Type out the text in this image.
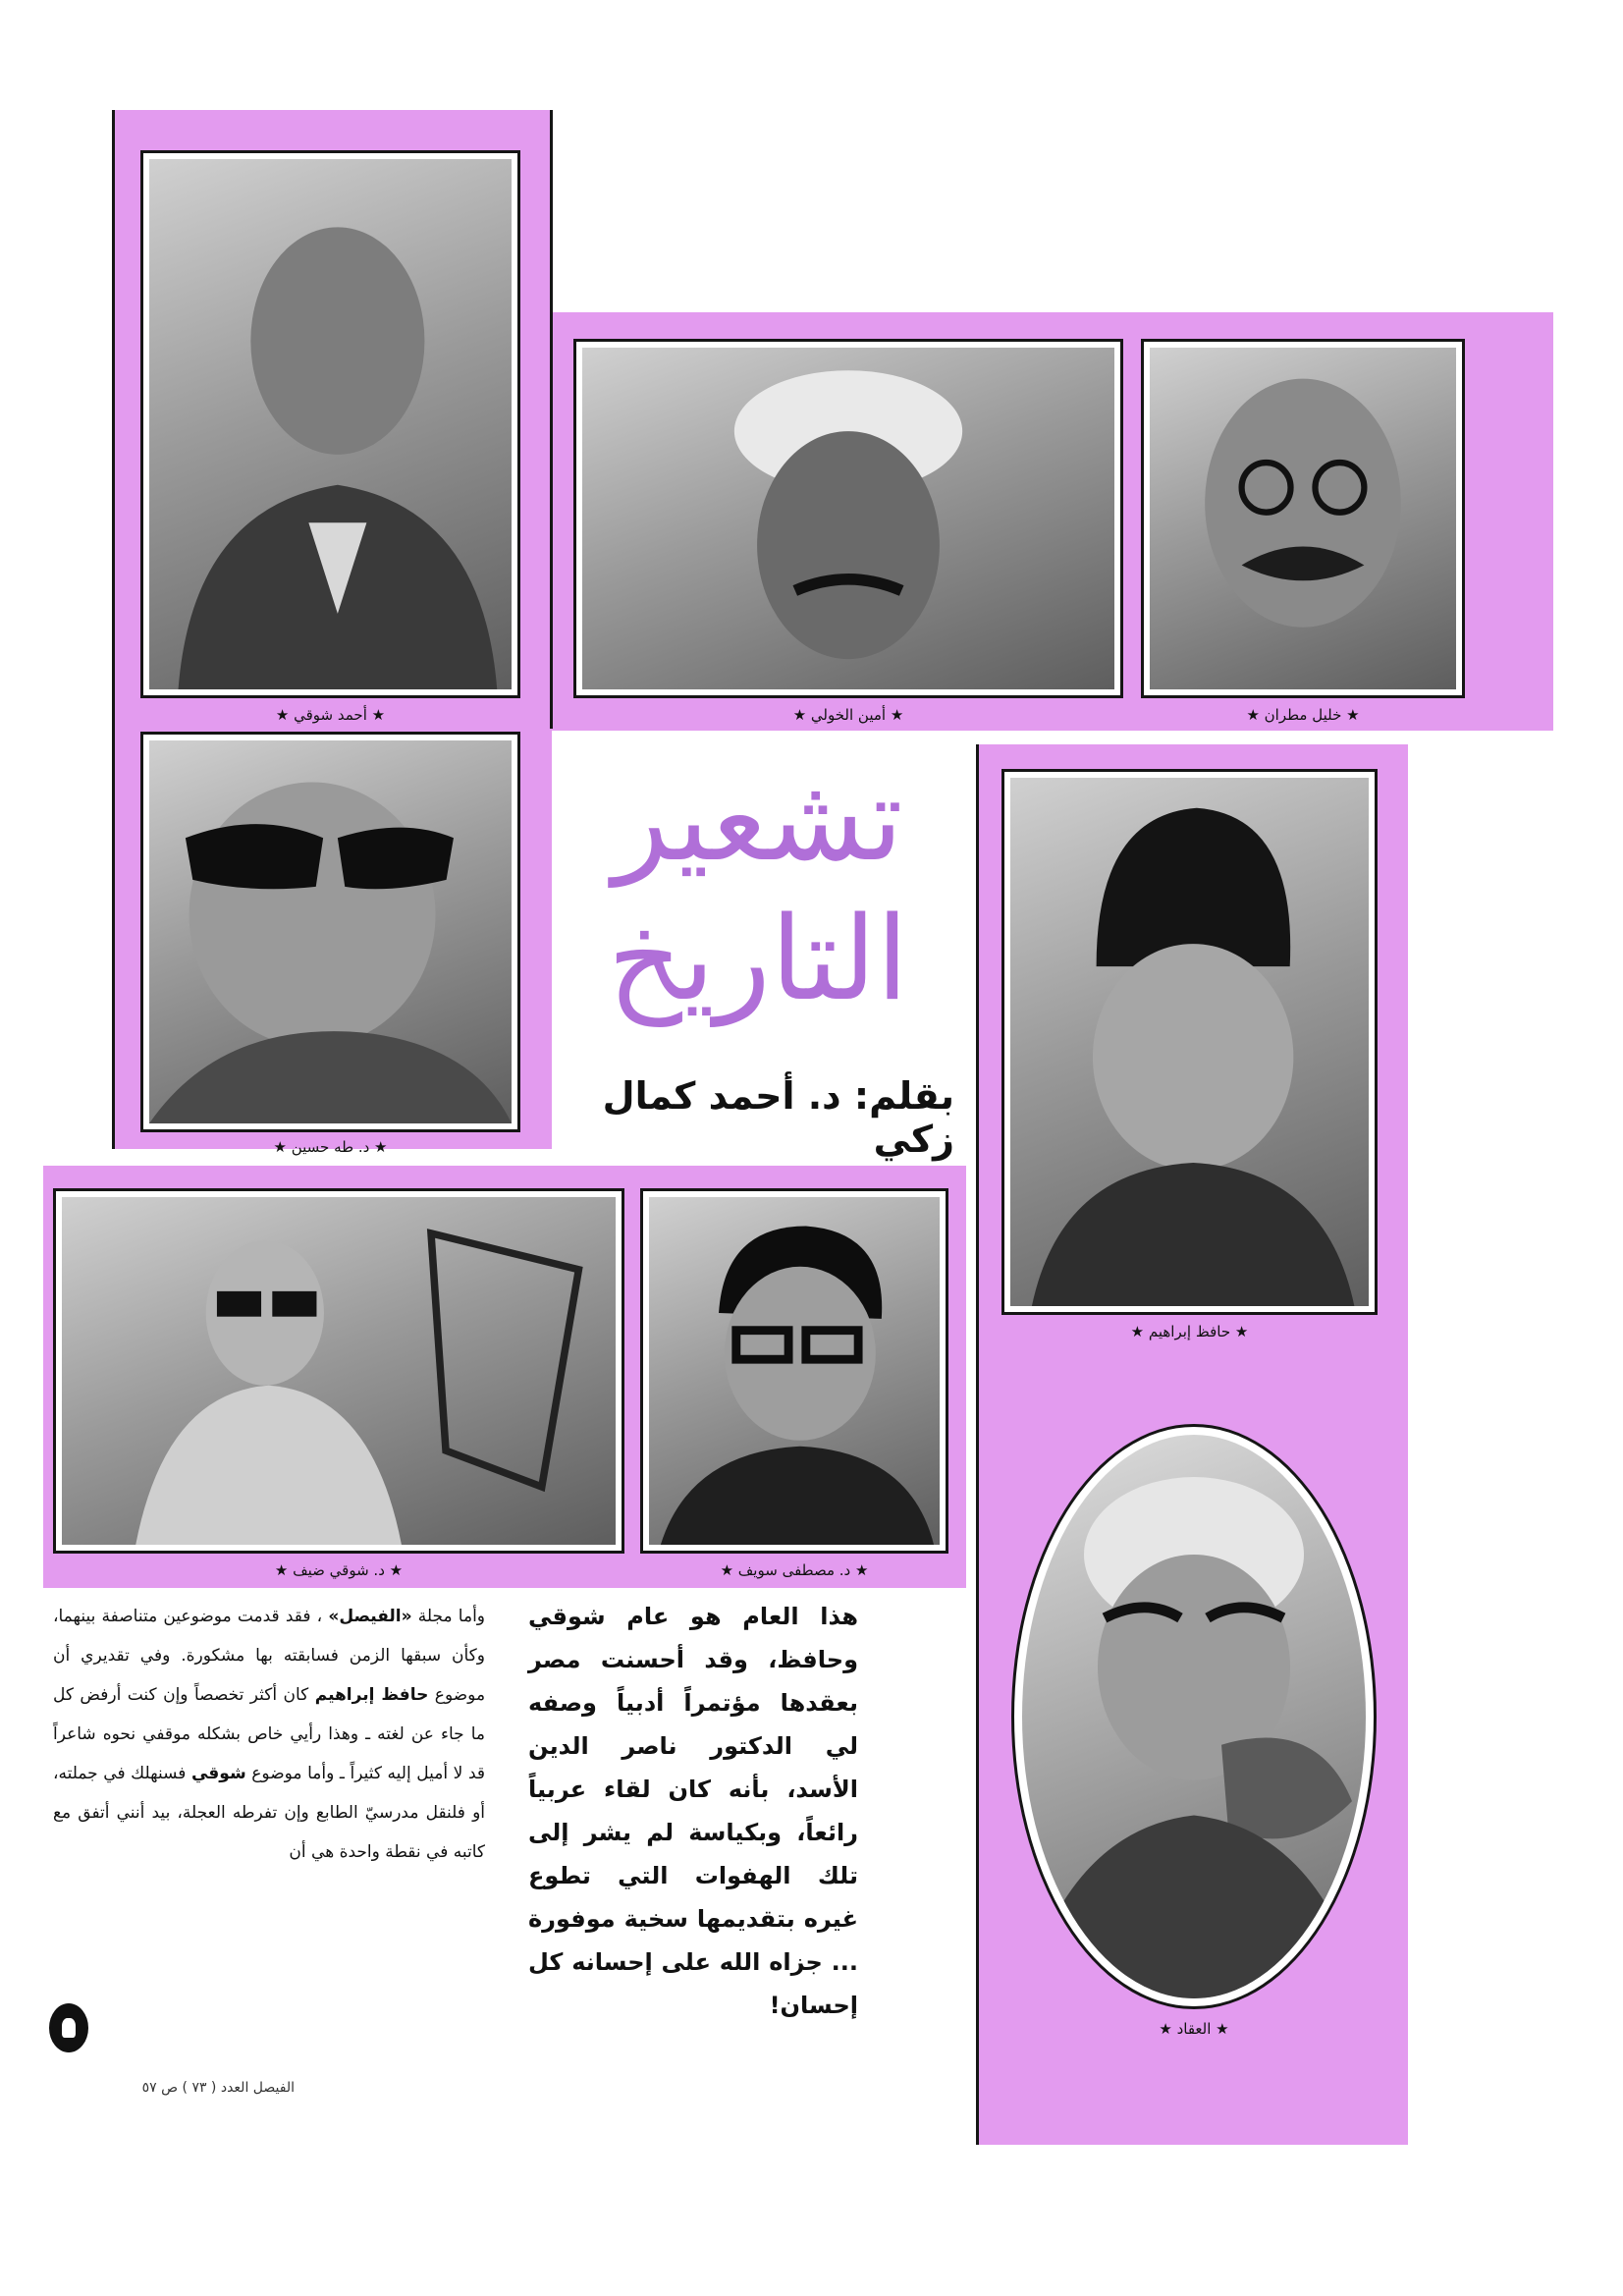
★ أحمد شوقي ★	★ أمين الخولي ★	★ خليل مطران ★
★ د. طه حسين ★
تشعير
التاريخ
بقلم: د. أحمد كمال زكي
★ حافظ إبراهيم ★
★ د. شوقي ضيف ★	★ د. مصطفى سويف ★
★ العقاد ★

هذا العام هو عام شوقي وحافظ، وقد أحسنت مصر بعقدها مؤتمراً أدبياً وصفه لي الدكتور ناصر الدين الأسد، بأنه كان لقاء عربياً رائعاً، وبكياسة لم يشر إلى تلك الهفوات التي تطوع غيره بتقديمها سخية موفورة ... جزاه الله على إحسانه كل إحسان!

وأما مجلة «الفيصل» ، فقد قدمت موضوعين متناصفة بينهما، وكأن سبقها الزمن فسابقته بها مشكورة. وفي تقديري أن موضوع حافظ إبراهيم كان أكثر تخصصاً وإن كنت أرفض كل ما جاء عن لغته ـ وهذا رأيي خاص بشكله موقفي نحوه شاعراً قد لا أميل إليه كثيراً ـ وأما موضوع شوقي فسنهلك في جملته، أو فلنقل مدرسيّ الطابع وإن تفرطه العجلة، بيد أنني أتفق مع كاتبه في نقطة واحدة هي أن

الفيصل العدد ( ٧٣ ) ص ٥٧
